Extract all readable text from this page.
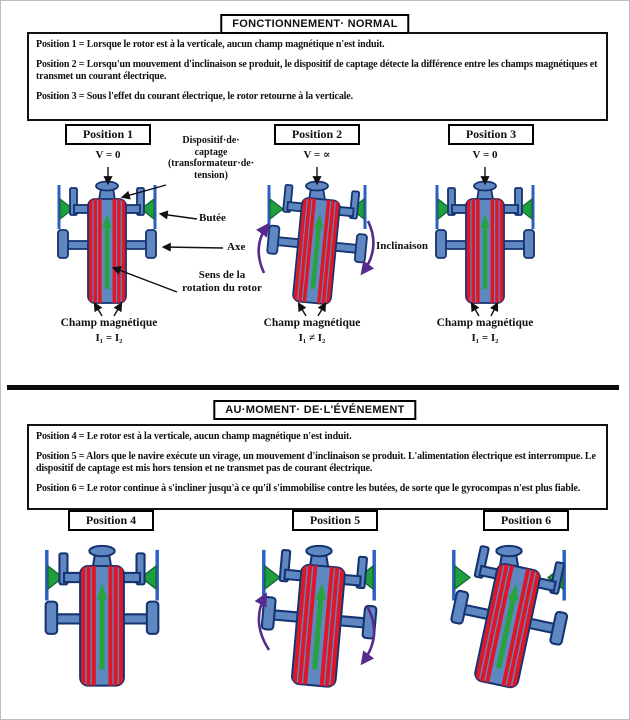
FONCTIONNEMENT· NORMAL

Position 1 = Lorsque le rotor est à la verticale, aucun champ magnétique n'est induit.

Position 2 = Lorsqu'un mouvement d'inclinaison se produit, le dispositif de captage détecte la différence entre les champs magnétiques et transmet un courant électrique.

Position 3 = Sous l'effet du courant électrique, le rotor retourne à la verticale.

Position 1	Position 2	Position 3
V = 0	V = ∝	V = 0
Dispositif·de·
captage
(transformateur·de·
tension)
Butée
Axe
Sens de la
rotation du rotor
Inclinaison
Champ magnétique	Champ magnétique	Champ magnétique
I₁ = I₂	I₁ ≠ I₂	I₁ = I₂
AU·MOMENT· DE·L'ÉVÉNEMENT

Position 4 = Le rotor est à la verticale, aucun champ magnétique n'est induit.

Position 5 = Alors que le navire exécute un virage, un mouvement d'inclinaison se produit. L'alimentation électrique est interrompue. Le dispositif de captage est mis hors tension et ne transmet pas de courant électrique.

Position 6 = Le rotor continue à s'incliner jusqu'à ce qu'il s'immobilise contre les butées, de sorte que le gyrocompas n'est plus fiable.

Position 4	Position 5	Position 6
